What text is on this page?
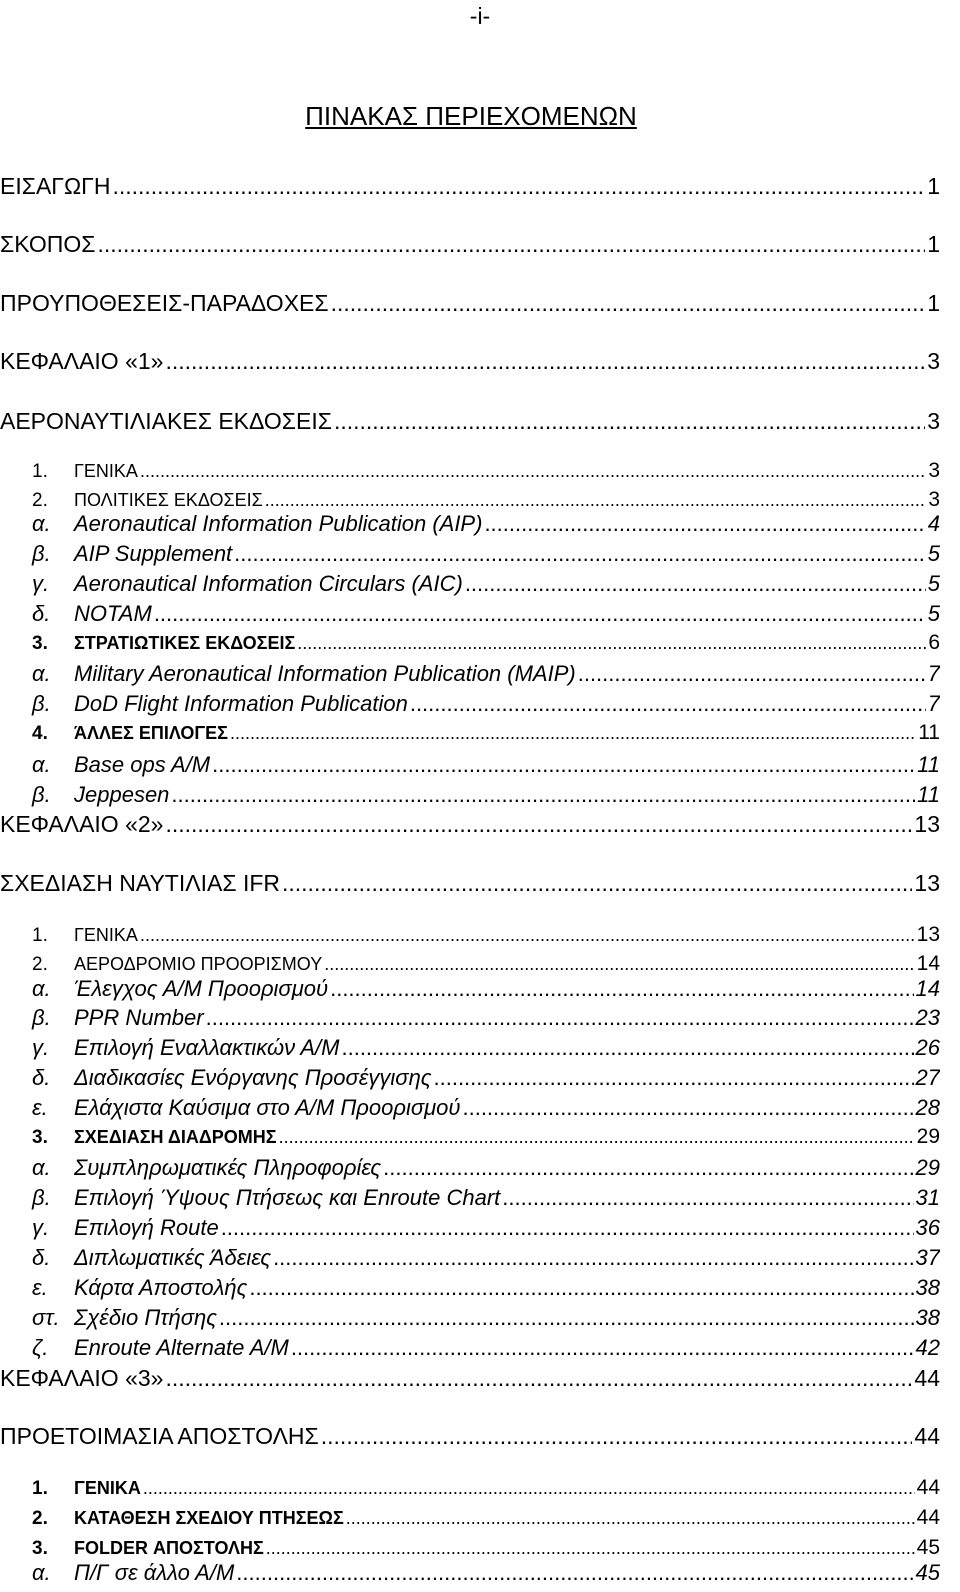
-i-
ΠΙΝΑΚΑΣ ΠΕΡΙΕΧΟΜΕΝΩΝ
ΕΙΣΑΓΩΓΗ .....	1
ΣΚΟΠΟΣ .....	1
ΠΡΟΥΠΟΘΕΣΕΙΣ-ΠΑΡΑΔΟΧΕΣ .....	1
ΚΕΦΑΛΑΙΟ «1» .....	3
ΑΕΡΟΝΑΥΤΙΛΙΑΚΕΣ ΕΚΔΟΣΕΙΣ .....	3
1.	ΓΕΝΙΚΑ .....	3
2.	ΠΟΛΙΤΙΚΕΣ ΕΚΔΟΣΕΙΣ .....	3
α.	Aeronautical Information Publication (AIP) .....	4
β.	AIP Supplement .....	5
γ.	Aeronautical Information Circulars (AIC) .....	5
δ.	NOTAM .....	5
3.	ΣΤΡΑΤΙΩΤΙΚΕΣ ΕΚΔΟΣΕΙΣ .....	6
α.	Military Aeronautical Information Publication (MAIP) .....	7
β.	DoD Flight Information Publication .....	7
4.	ΆΛΛΕΣ ΕΠΙΛΟΓΕΣ .....	11
α.	Base ops A/M .....	11
β.	Jeppesen .....	11
ΚΕΦΑΛΑΙΟ «2» .....	13
ΣΧΕΔΙΑΣΗ ΝΑΥΤΙΛΙΑΣ IFR .....	13
1.	ΓΕΝΙΚΑ .....	13
2.	ΑΕΡΟΔΡΟΜΙΟ ΠΡΟΟΡΙΣΜΟΥ .....	14
α.	Έλεγχος Α/Μ Προορισμού .....	14
β.	PPR Number .....	23
γ.	Επιλογή Εναλλακτικών Α/Μ .....	26
δ.	Διαδικασίες Ενόργανης Προσέγγισης .....	27
ε.	Ελάχιστα Καύσιμα στο Α/Μ Προορισμού .....	28
3.	ΣΧΕΔΙΑΣΗ ΔΙΑΔΡΟΜΗΣ .....	29
α.	Συμπληρωματικές Πληροφορίες .....	29
β.	Επιλογή Ύψους Πτήσεως και Enroute Chart .....	31
γ.	Επιλογή Route .....	36
δ.	Διπλωματικές Άδειες .....	37
ε.	Κάρτα Αποστολής .....	38
στ. Σχέδιο Πτήσης .....	38
ζ.	Enroute Alternate A/M .....	42
ΚΕΦΑΛΑΙΟ «3» .....	44
ΠΡΟΕΤΟΙΜΑΣΙΑ ΑΠΟΣΤΟΛΗΣ .....	44
1.	ΓΕΝΙΚΑ .....	44
2.	ΚΑΤΑΘΕΣΗ ΣΧΕΔΙΟΥ ΠΤΗΣΕΩΣ .....	44
3.	FOLDER ΑΠΟΣΤΟΛΗΣ .....	45
α.	Π/Γ σε άλλο Α/Μ .....	45
